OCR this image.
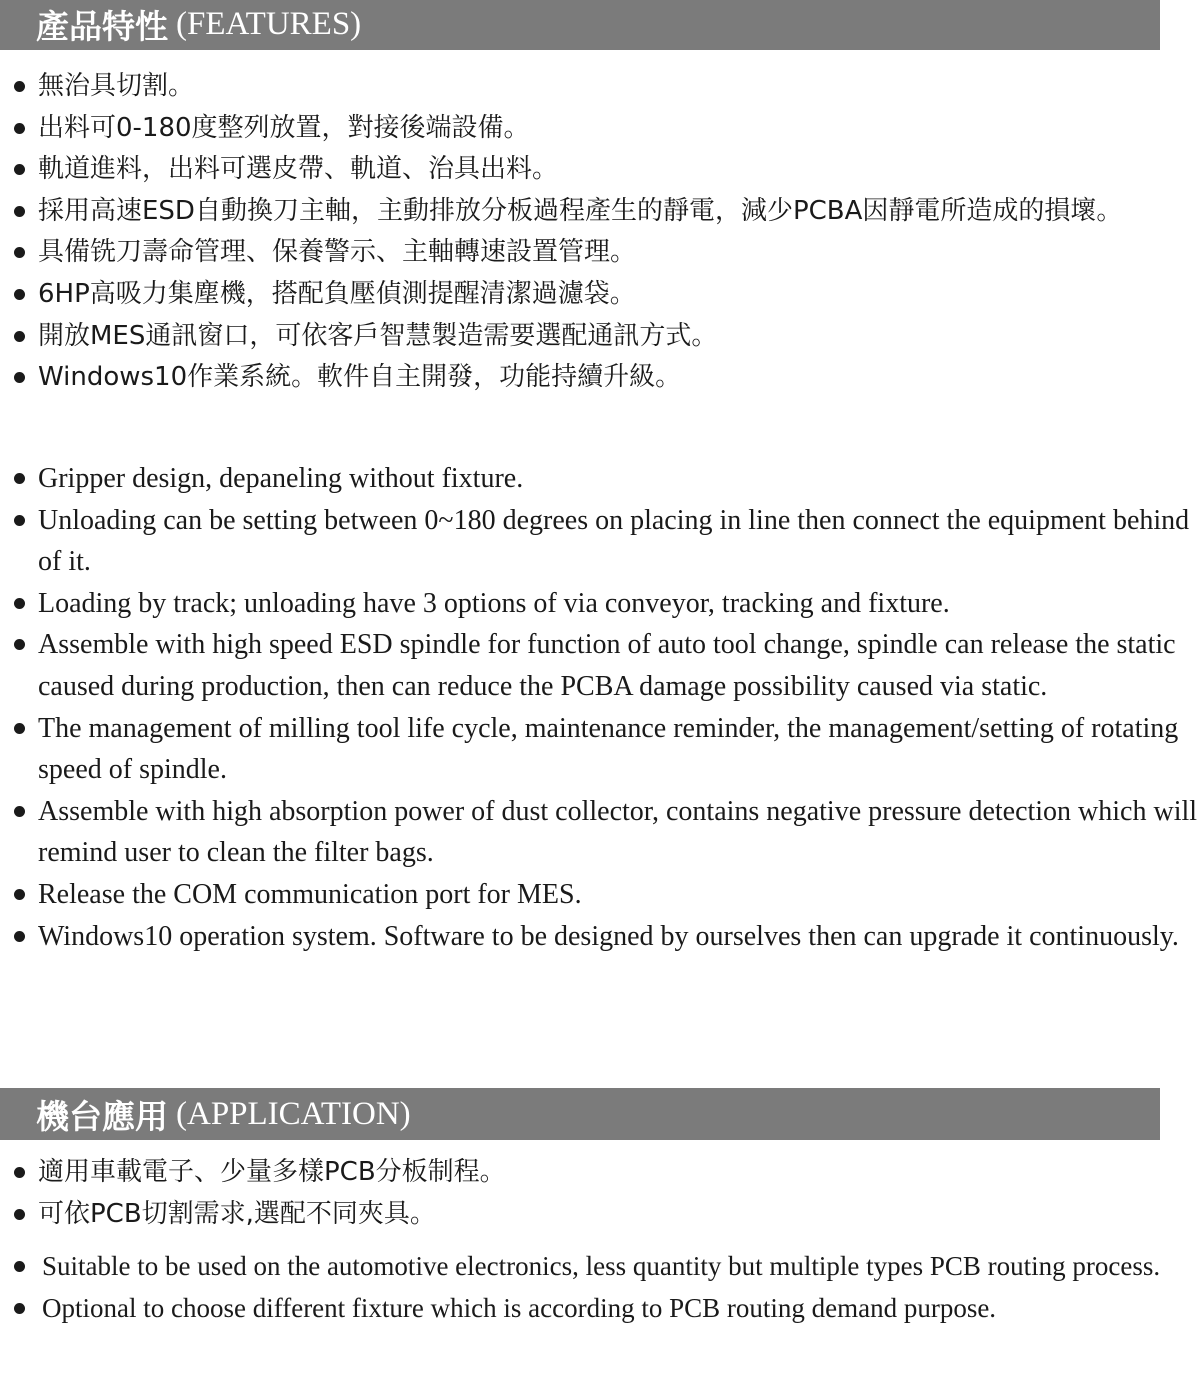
產品特性 (FEATURES)
無治具切割。
出料可0-180度整列放置，對接後端設備。
軌道進料，出料可選皮帶、軌道、治具出料。
採用高速ESD自動換刀主軸，主動排放分板過程產生的靜電，減少PCBA因靜電所造成的損壞。
具備铣刀壽命管理、保養警示、主軸轉速設置管理。
6HP高吸力集塵機，搭配負壓偵測提醒清潔過濾袋。
開放MES通訊窗口，可依客戶智慧製造需要選配通訊方式。
Windows10作業系統。軟件自主開發，功能持續升級。
Gripper design, depaneling without fixture.
Unloading can be setting between 0~180 degrees on placing in line then connect the equipment behind of it.
Loading by track; unloading have 3 options of via conveyor, tracking and fixture.
Assemble with high speed ESD spindle for function of auto tool change, spindle can release the static caused during production, then can reduce the PCBA damage possibility caused via static.
The management of milling tool life cycle, maintenance reminder, the management/setting of rotating speed of spindle.
Assemble with high absorption power of dust collector, contains negative pressure detection which will remind user to clean the filter bags.
Release the COM communication port for MES.
Windows10 operation system. Software to be designed by ourselves then can upgrade it continuously.
機台應用 (APPLICATION)
適用車載電子、少量多樣PCB分板制程。
可依PCB切割需求,選配不同夾具。
Suitable to be used on the automotive electronics, less quantity but multiple types PCB routing process.
Optional to choose different fixture which is according to PCB routing demand purpose.
